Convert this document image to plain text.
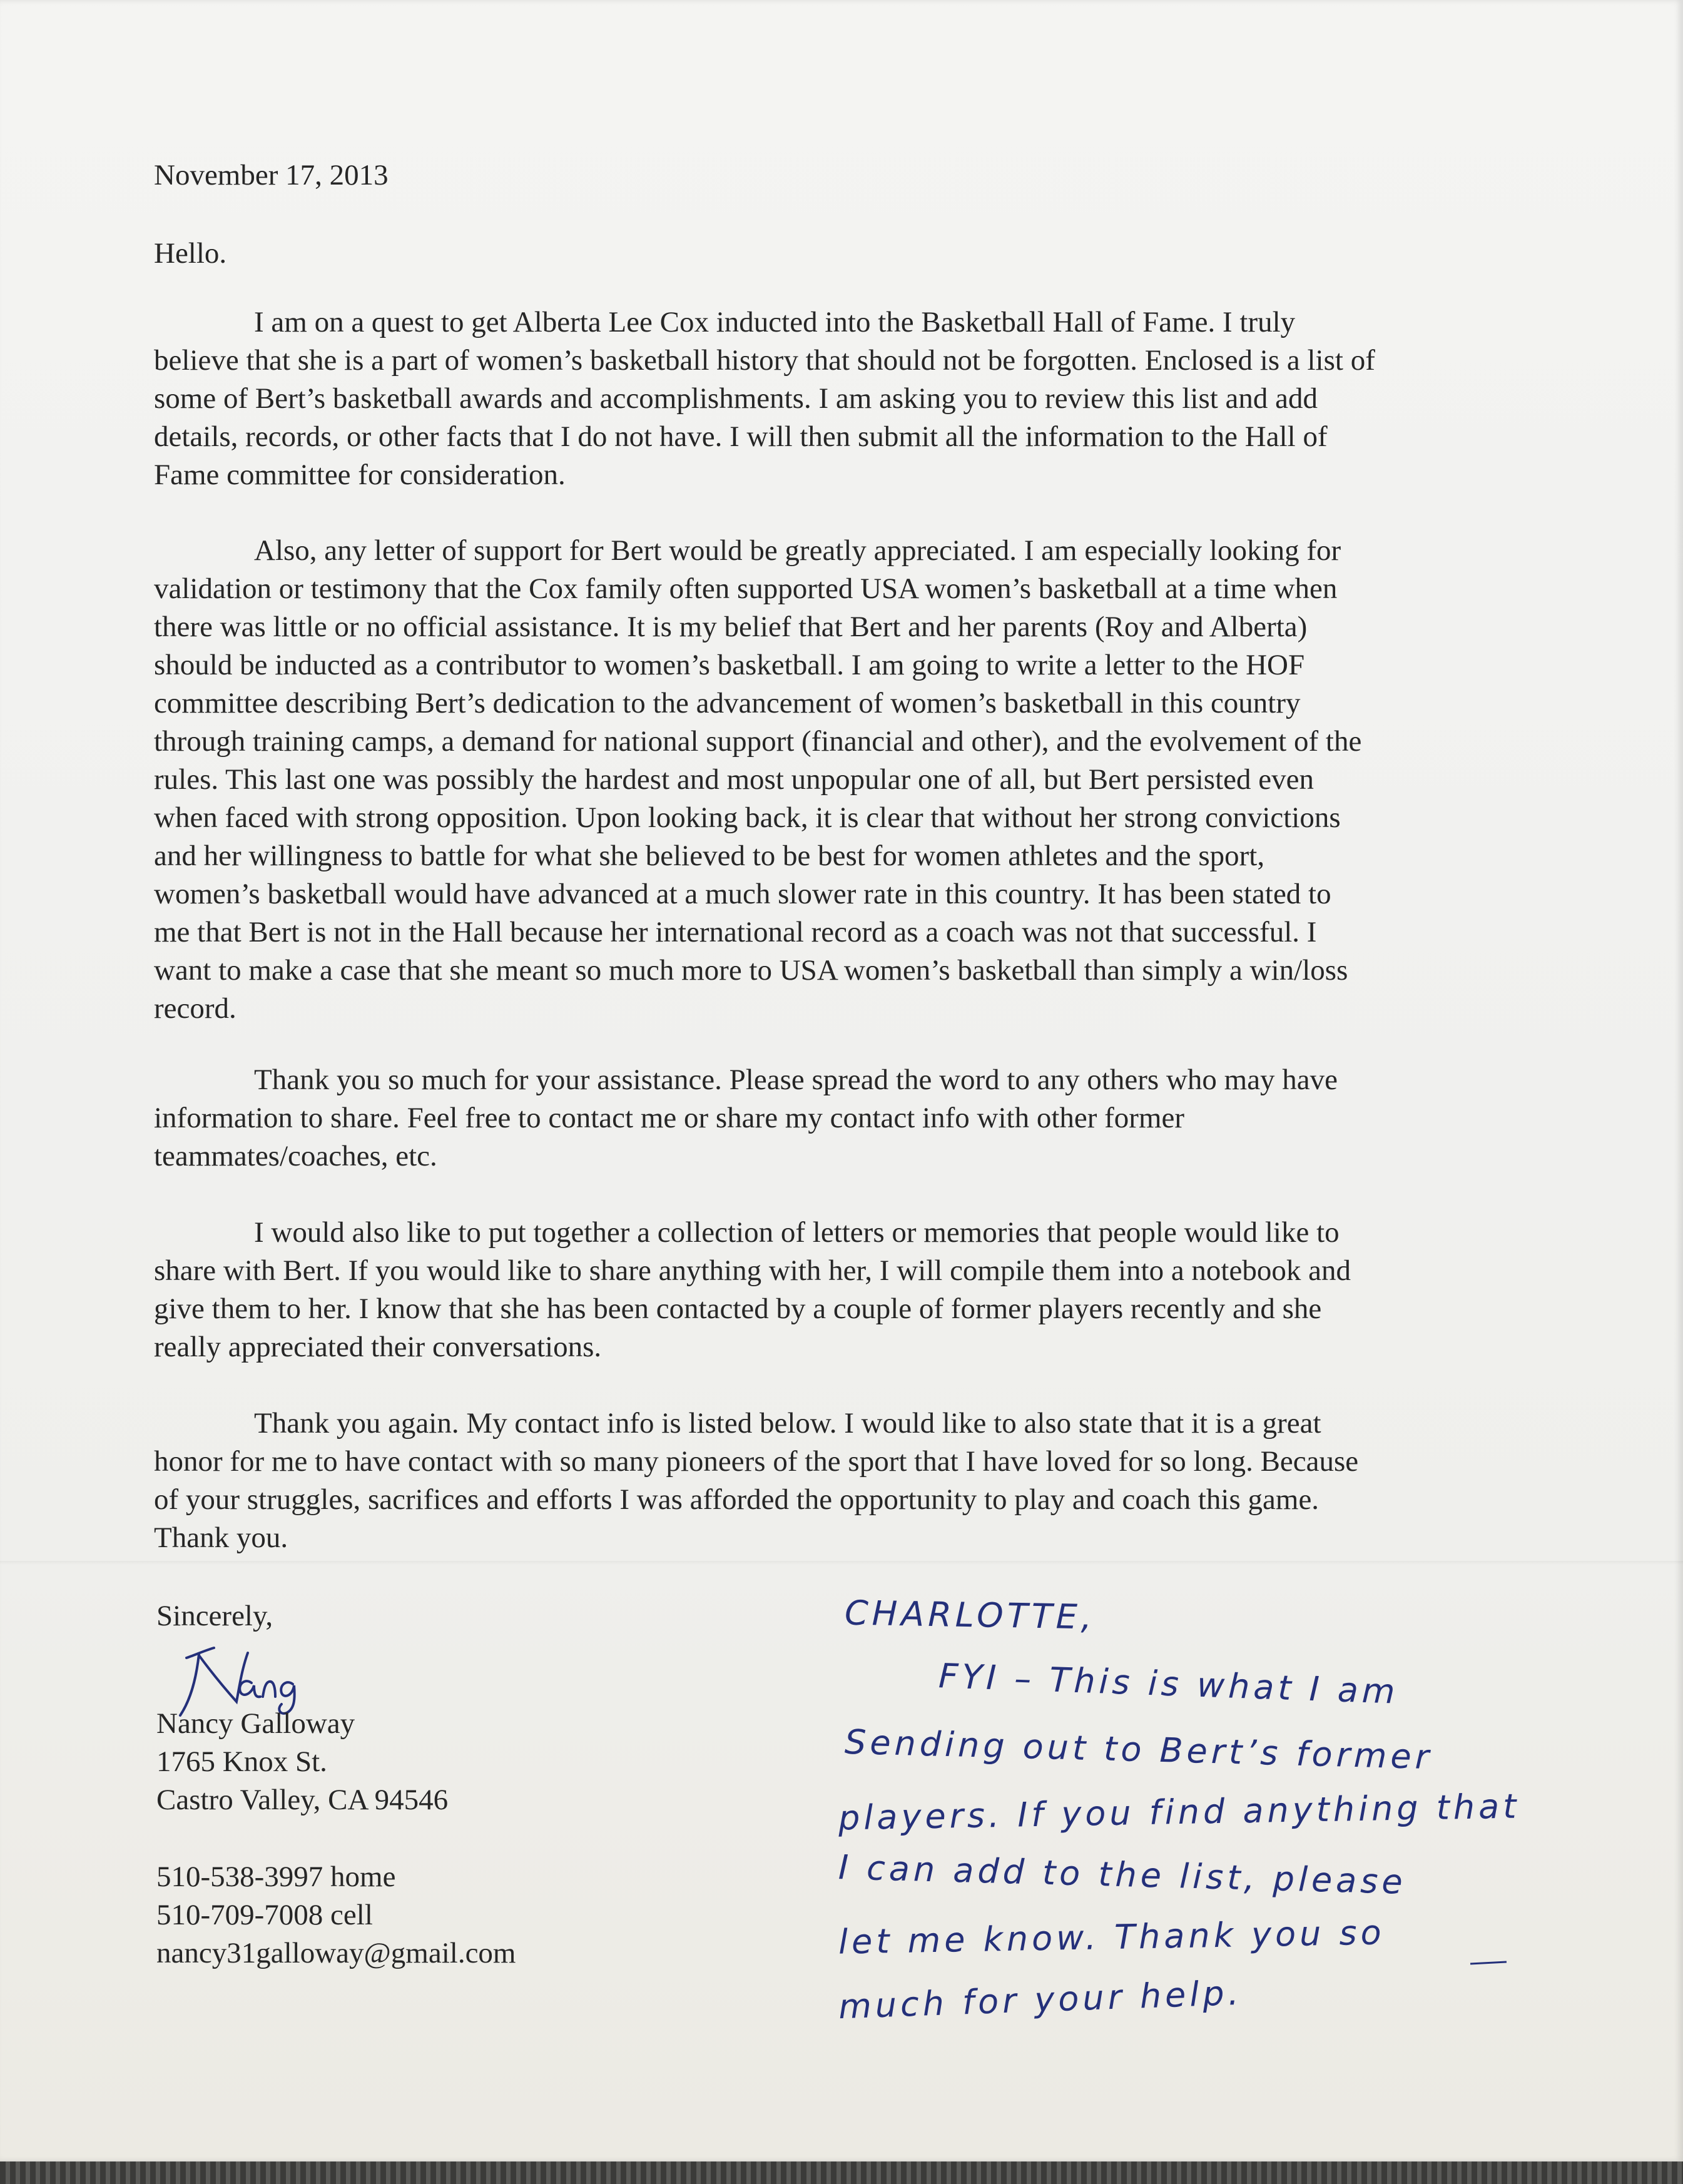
November 17, 2013
Hello.
I am on a quest to get Alberta Lee Cox inducted into the Basketball Hall of Fame. I truly
believe that she is a part of women’s basketball history that should not be forgotten. Enclosed is a list of
some of Bert’s basketball awards and accomplishments. I am asking you to review this list and add
details, records, or other facts that I do not have. I will then submit all the information to the Hall of
Fame committee for consideration.
Also, any letter of support for Bert would be greatly appreciated. I am especially looking for
validation or testimony that the Cox family often supported USA women’s basketball at a time when
there was little or no official assistance. It is my belief that Bert and her parents (Roy and Alberta)
should be inducted as a contributor to women’s basketball. I am going to write a letter to the HOF
committee describing Bert’s dedication to the advancement of women’s basketball in this country
through training camps, a demand for national support (financial and other), and the evolvement of the
rules. This last one was possibly the hardest and most unpopular one of all, but Bert persisted even
when faced with strong opposition. Upon looking back, it is clear that without her strong convictions
and her willingness to battle for what she believed to be best for women athletes and the sport,
women’s basketball would have advanced at a much slower rate in this country. It has been stated to
me that Bert is not in the Hall because her international record as a coach was not that successful. I
want to make a case that she meant so much more to USA women’s basketball than simply a win/loss
record.
Thank you so much for your assistance. Please spread the word to any others who may have
information to share. Feel free to contact me or share my contact info with other former
teammates/coaches, etc.
I would also like to put together a collection of letters or memories that people would like to
share with Bert. If you would like to share anything with her, I will compile them into a notebook and
give them to her. I know that she has been contacted by a couple of former players recently and she
really appreciated their conversations.
Thank you again. My contact info is listed below. I would like to also state that it is a great
honor for me to have contact with so many pioneers of the sport that I have loved for so long. Because
of your struggles, sacrifices and efforts I was afforded the opportunity to play and coach this game.
Thank you.
Sincerely,
Nancy Galloway
1765 Knox St.
Castro Valley, CA 94546
510-538-3997 home
510-709-7008 cell
nancy31galloway@gmail.com
CHARLOTTE,
FYI – This is what I am
Sending out to Bert’s former
players. If you find anything that
I can add to the list, please
let me know. Thank you so
much for your help.
